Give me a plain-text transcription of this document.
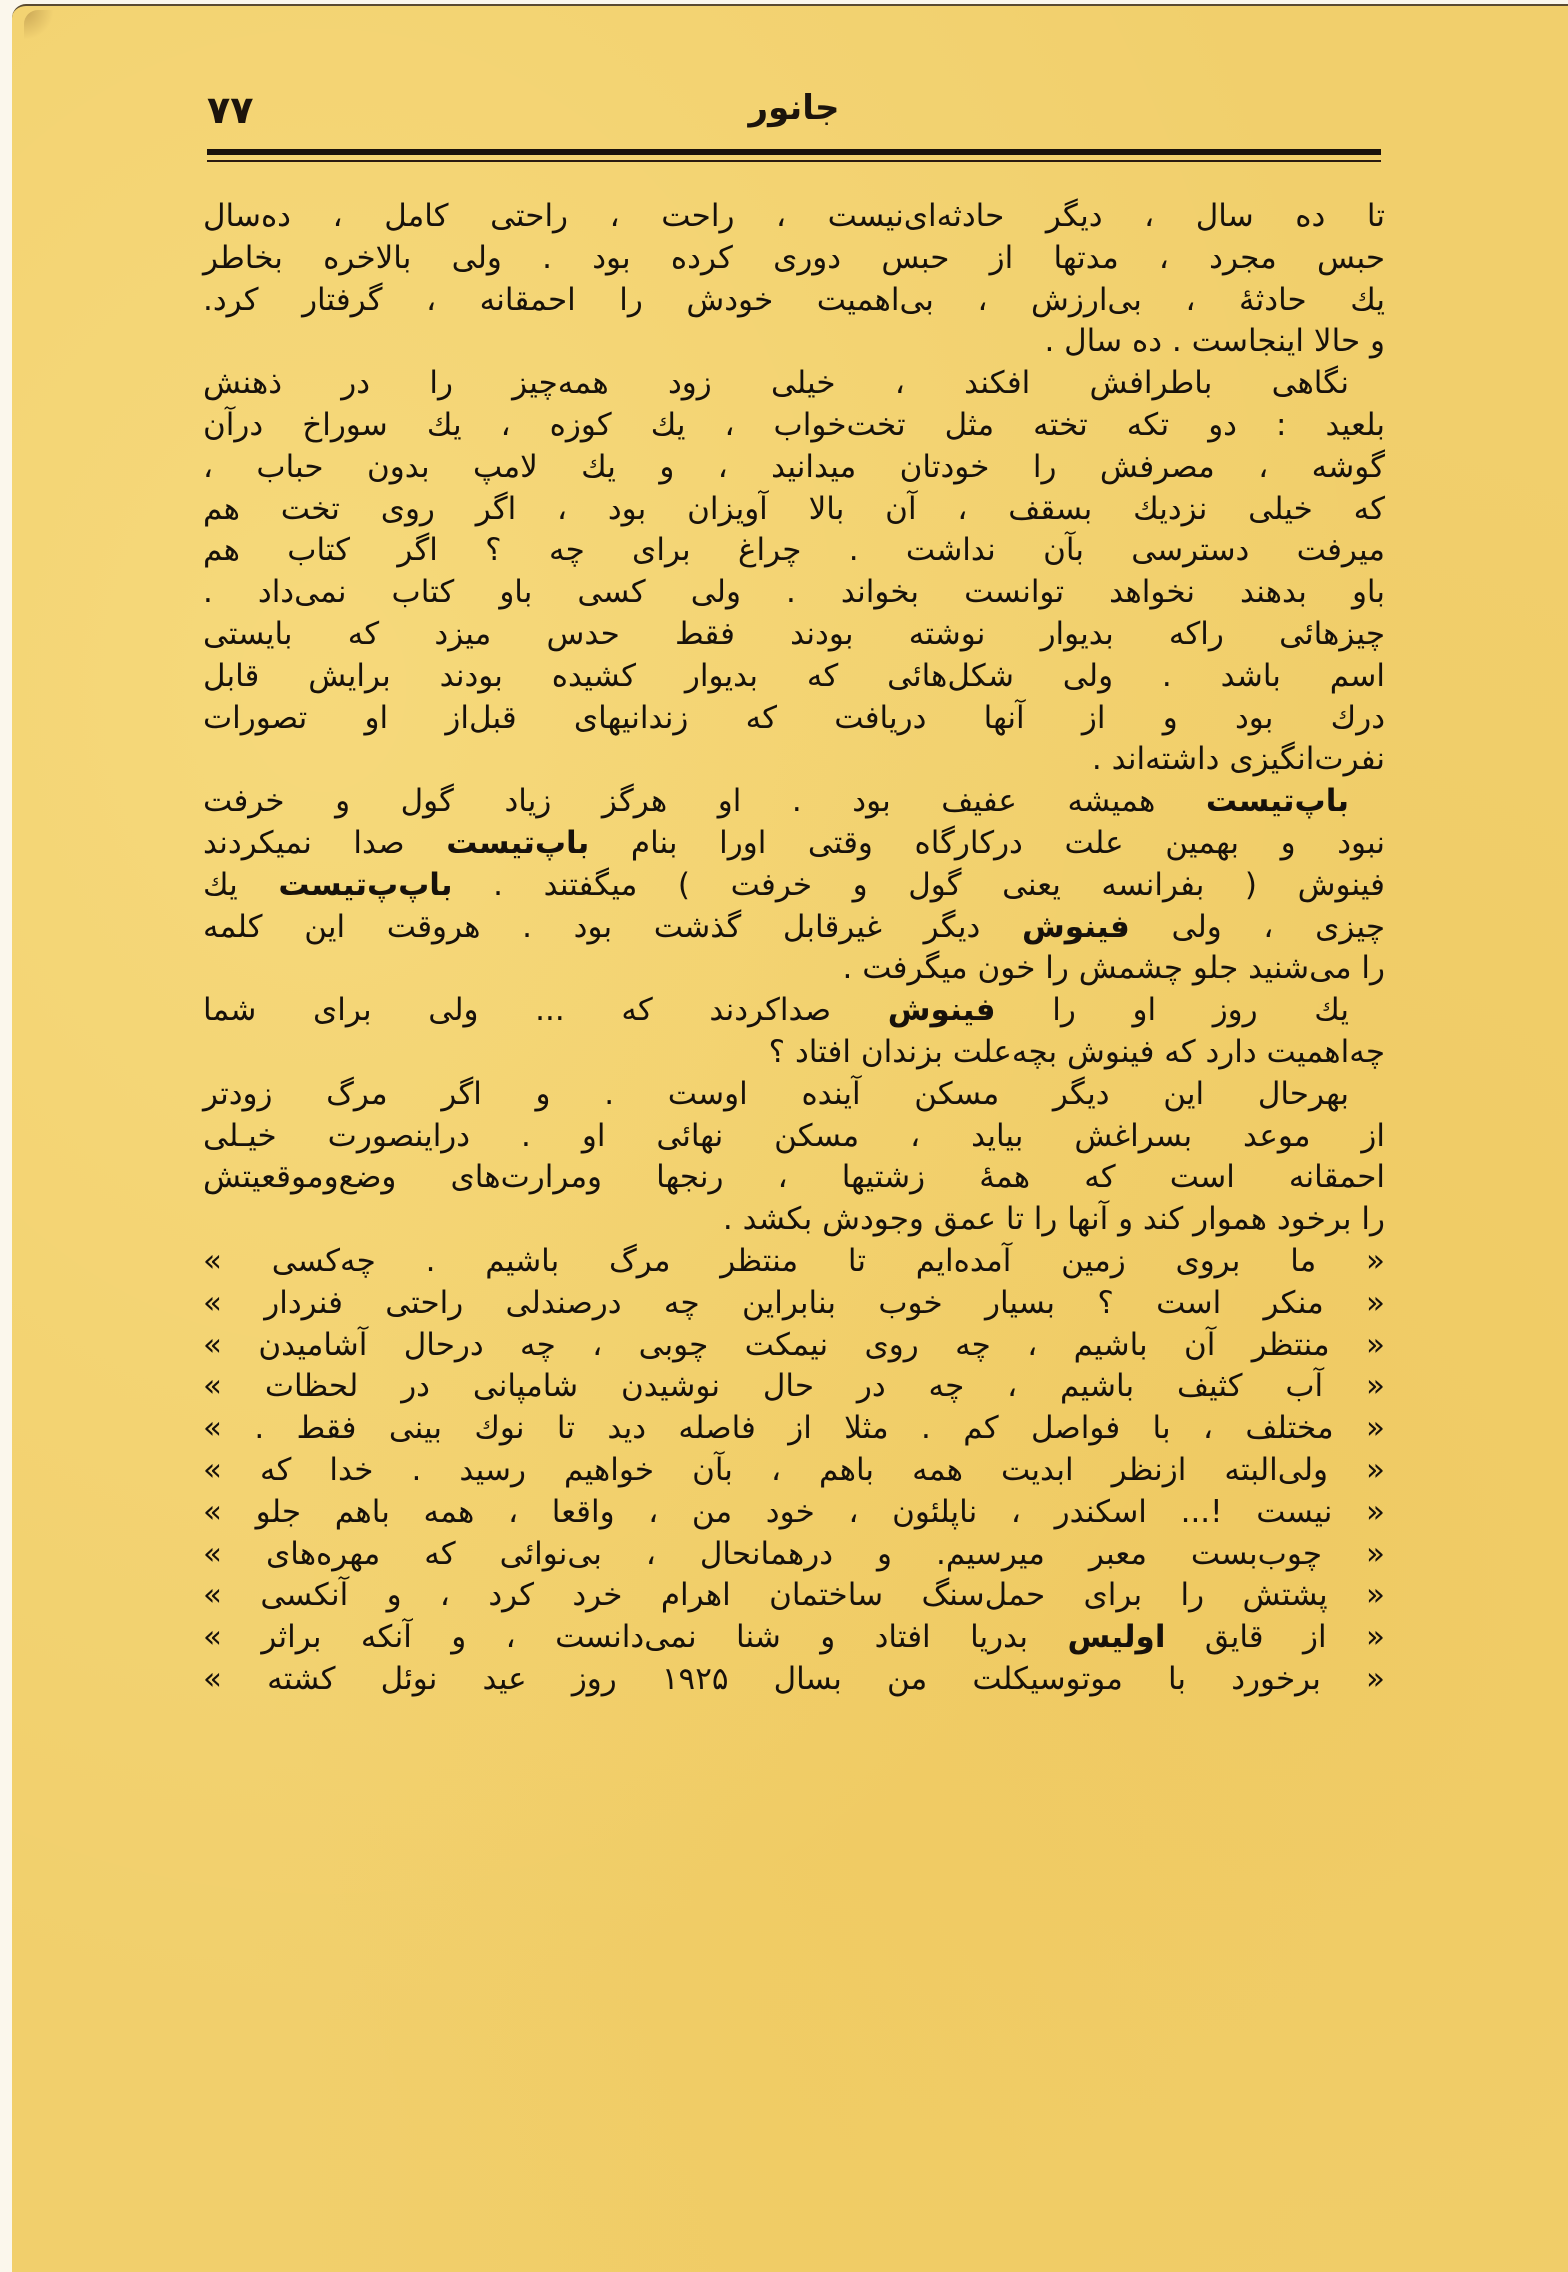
۷۷	جانور
تا ده سال ، دیگر حادثه‌ای‌نیست ، راحت ، راحتی کامل ، ده‌سال
حبس مجرد ، مدتها از حبس دوری کرده بود . ولی بالاخره بخاطر
یك حادثهٔ ، بی‌ارزش ، بی‌اهمیت خودش را احمقانه ، گرفتار کرد.
و حالا اینجاست . ده سال .
نگاهی باطرافش افکند ، خیلی زود همه‌چیز را در ذهنش
بلعید : دو تکه تخته مثل تخت‌خواب ، یك کوزه ، یك سوراخ درآن
گوشه ، مصرفش را خودتان میدانید ، و یك لامپ بدون حباب ،
که خیلی نزدیك بسقف ، آن بالا آویزان بود ، اگر روی تخت هم
میرفت دسترسی بآن نداشت . چراغ برای چه ؟ اگر کتاب هم
باو بدهند نخواهد توانست بخواند . ولی کسی باو کتاب نمی‌داد .
چیزهائی راکه بدیوار نوشته بودند فقط حدس میزد که بایستی
اسم باشد . ولی شکل‌هائی که بدیوار کشیده بودند برایش قابل
درك بود و از آنها دریافت که زندانیهای قبل‌از او تصورات
نفرت‌انگیزی داشته‌اند .
باپ‌تیست همیشه عفیف بود . او هرگز زیاد گول و خرفت
نبود و بهمین علت درکارگاه وقتی اورا بنام باپ‌تیست صدا نمیکردند
فینوش ( بفرانسه یعنی گول و خرفت ) میگفتند . باپ‌پ‌تیست یك
چیزی ، ولی فینوش دیگر غیرقابل گذشت بود . هروقت این کلمه
را می‌شنید جلو چشمش را خون میگرفت .
یك روز او را فینوش صداکردند که ... ولی برای شما
چه‌اهمیت دارد که فینوش بچه‌علت بزندان افتاد ؟
بهرحال این دیگر مسکن آینده اوست . و اگر مرگ زودتر
از موعد بسراغش بیاید ، مسکن نهائی او . دراینصورت خیـلی
احمقانه است که همهٔ زشتیها ، رنجها ومرارت‌های وضع‌وموقعیتش
را برخود هموار کند و آنها را تا عمق وجودش بکشد .
« ما بروی زمین آمده‌ایم تا منتظر مرگ باشیم . چه‌کسی »
« منکر است ؟ بسیار خوب بنابراین چه درصندلی راحتی فنردار »
« منتظر آن باشیم ، چه روی نیمکت چوبی ، چه درحال آشامیدن »
« آب کثیف باشیم ، چه در حال نوشیدن شامپانی در لحظات »
« مختلف ، با فواصل کم . مثلا از فاصله دید تا نوك بینی فقط . »
« ولی‌البته ازنظر ابدیت همه باهم ، بآن خواهیم رسید . خدا که »
« نیست !... اسکندر ، ناپلئون ، خود من ، واقعا ، همه باهم جلو »
« چوب‌بست معبر میرسیم. و درهمانحال ، بی‌نوائی که مهره‌های »
« پشتش را برای حمل‌سنگ ساختمان اهرام خرد کرد ، و آنکسی »
« از قایق اولیس بدریا افتاد و شنا نمی‌دانست ، و آنکه براثر »
« برخورد با موتوسیکلت من بسال ۱۹۲۵ روز عید نوئل کشته »
